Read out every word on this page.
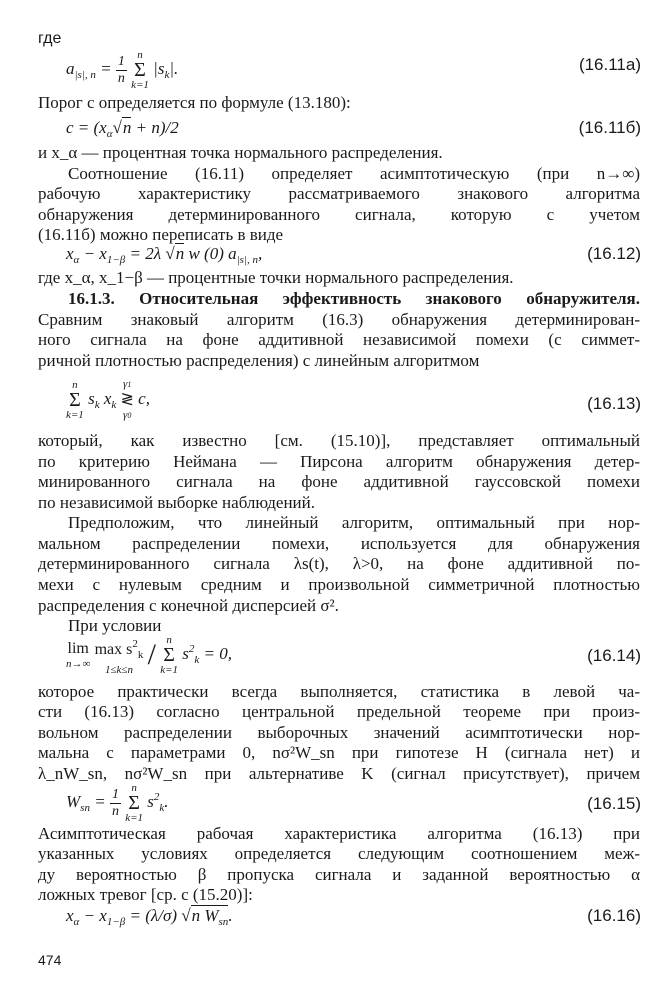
где
$a_{|s|, n} = \frac{1}{n}$
n
Σ
k=1
$|s_k|$.	(16.11а)
Порог c определяется по формуле (13.180):
$c = (x_\alpha√n + n)/2$	(16.11б)
и x_α — процентная точка нормального распределения.
Соотношение (16.11) определяет асимптотическую (при n→∞)
рабочую характеристику рассматриваемого знакового алгоритма
обнаружения детерминированного сигнала, которую с учетом
(16.11б) можно переписать в виде
$x_\alpha - x_{1-\beta} = 2\lambda$ √n w (0) $a_{|s|, n}$,	(16.12)
где x_α, x_1−β — процентные точки нормального распределения.
16.1.3. Относительная эффективность знакового обнаружителя.
Сравним знаковый алгоритм (16.3) обнаружения детерминирован-
ного сигнала на фоне аддитивной независимой помехи (с симмет-
ричной плотностью распределения) с линейным алгоритмом
n
Σ
k=1
$s_k$ $x_k$
γ1
≷
γ0
c,	(16.13)
который, как известно [см. (15.10)], представляет оптимальный
по критерию Неймана — Пирсона алгоритм обнаружения детер-
минированного сигнала на фоне аддитивной гауссовской помехи
по независимой выборке наблюдений.
Предположим, что линейный алгоритм, оптимальный при нор-
мальном распределении помехи, используется для обнаружения
детерминированного сигнала λs(t), λ>0, на фоне аддитивной по-
мехи с нулевым средним и произвольной симметричной плотностью
распределения с конечной дисперсией σ².
При условии
lim
n→∞

$\max s^2_k$
1≤k≤n / n
Σ
k=1
$s^2_k = 0$,	(16.14)
которое практически всегда выполняется, статистика в левой ча-
сти (16.13) согласно центральной предельной теореме при произ-
вольном распределении выборочных значений асимптотически нор-
мальна с параметрами 0, nσ²W_sn при гипотезе H (сигнала нет) и
λ_nW_sn, nσ²W_sn при альтернативе K (сигнал присутствует), причем
$W_{sn} = \frac{1}{n}$
n
Σ
k=1
$s^2_k$.	(16.15)
Асимптотическая рабочая характеристика алгоритма (16.13) при
указанных условиях определяется следующим соотношением меж-
ду вероятностью β пропуска сигнала и заданной вероятностью α
ложных тревог [ср. с (15.20)]:
$x_\alpha - x_{1-\beta} = (\lambda/\sigma)$ √n $W_{sn}$.	(16.16)
474
